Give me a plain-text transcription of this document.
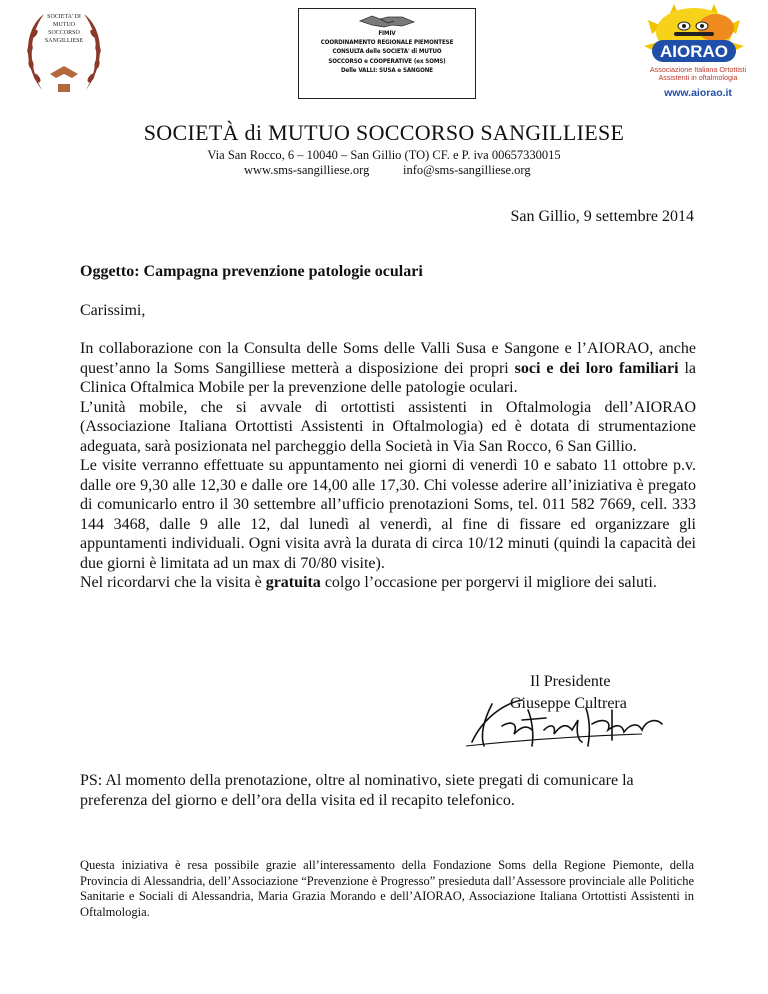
SOCIETA' DI
MUTUO
SOCCORSO
SANGILLIESE
FIMIV
COORDINAMENTO REGIONALE PIEMONTESE
CONSULTA delle SOCIETA' di MUTUO
SOCCORSO e COOPERATIVE (ex SOMS)
Delle VALLI: SUSA e SANGONE
AIORAO
Associazione Italiana Ortottisti
Assistenti in oftalmologia
www.aiorao.it
SOCIETÀ di MUTUO SOCCORSO SANGILLIESE
Via San Rocco, 6 – 10040 – San Gillio (TO) CF. e P. iva 00657330015
www.sms-sangilliese.org	info@sms-sangilliese.org
San Gillio, 9 settembre 2014
Oggetto: Campagna prevenzione patologie oculari
Carissimi,

In collaborazione con la Consulta delle Soms delle Valli Susa e Sangone e l’AIORAO, anche quest’anno la Soms Sangilliese metterà a disposizione dei propri soci e dei loro familiari la Clinica Oftalmica Mobile per la prevenzione delle patologie oculari.

L’unità mobile, che si avvale di ortottisti assistenti in Oftalmologia dell’AIORAO (Associazione Italiana Ortottisti Assistenti in Oftalmologia) ed è dotata di strumentazione adeguata, sarà posizionata nel parcheggio della Società in Via San Rocco, 6 San Gillio.

Le visite verranno effettuate su appuntamento nei giorni di venerdì 10 e sabato 11 ottobre p.v. dalle ore 9,30 alle 12,30 e dalle ore 14,00 alle 17,30. Chi volesse aderire all’iniziativa è pregato di comunicarlo entro il 30 settembre all’ufficio prenotazioni Soms, tel. 011 582 7669, cell. 333 144 3468, dalle 9 alle 12, dal lunedì al venerdì, al fine di fissare ed organizzare gli appuntamenti individuali. Ogni visita avrà la durata di circa 10/12 minuti (quindi la capacità dei due giorni è limitata ad un max di 70/80 visite).

Nel ricordarvi che la visita è gratuita colgo l’occasione per porgervi il migliore dei saluti.

Il Presidente
Giuseppe Cultrera
PS: Al momento della prenotazione, oltre al nominativo, siete pregati di comunicare la preferenza del giorno e dell’ora della visita ed il recapito telefonico.
Questa iniziativa è resa possibile grazie all’interessamento della Fondazione Soms della Regione Piemonte, della Provincia di Alessandria, dell’Associazione “Prevenzione è Progresso” presieduta dall’Assessore provinciale alle Politiche Sanitarie e Sociali di Alessandria, Maria Grazia Morando e dell’AIORAO, Associazione Italiana Ortottisti Assistenti in Oftalmologia.
